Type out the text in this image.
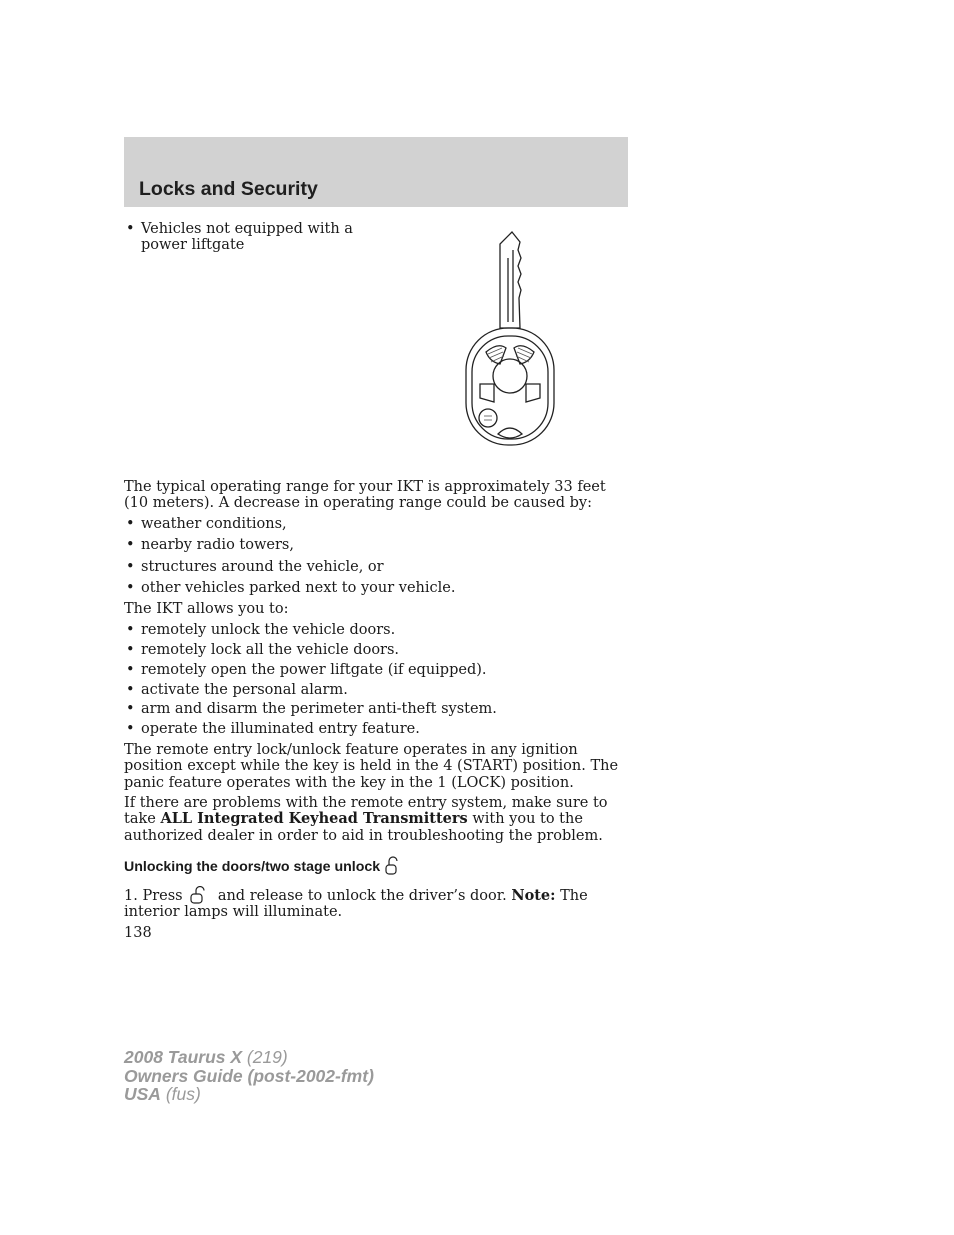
Locks and Security
• Vehicles not equipped with a power liftgate

The typical operating range for your IKT is approximately 33 feet (10 meters). A decrease in operating range could be caused by:

• weather conditions,
• nearby radio towers,
• structures around the vehicle, or
• other vehicles parked next to your vehicle.

The IKT allows you to:

• remotely unlock the vehicle doors.
• remotely lock all the vehicle doors.
• remotely open the power liftgate (if equipped).
• activate the personal alarm.
• arm and disarm the perimeter anti-theft system.
• operate the illuminated entry feature.

The remote entry lock/unlock feature operates in any ignition position except while the key is held in the 4 (START) position. The panic feature operates with the key in the 1 (LOCK) position.

If there are problems with the remote entry system, make sure to take ALL Integrated Keyhead Transmitters with you to the authorized dealer in order to aid in troubleshooting the problem.

Unlocking the doors/two stage unlock

1. Press  and release to unlock the driver’s door. Note: The interior lamps will illuminate.

138
2008 Taurus X (219)
Owners Guide (post-2002-fmt)
USA (fus)
